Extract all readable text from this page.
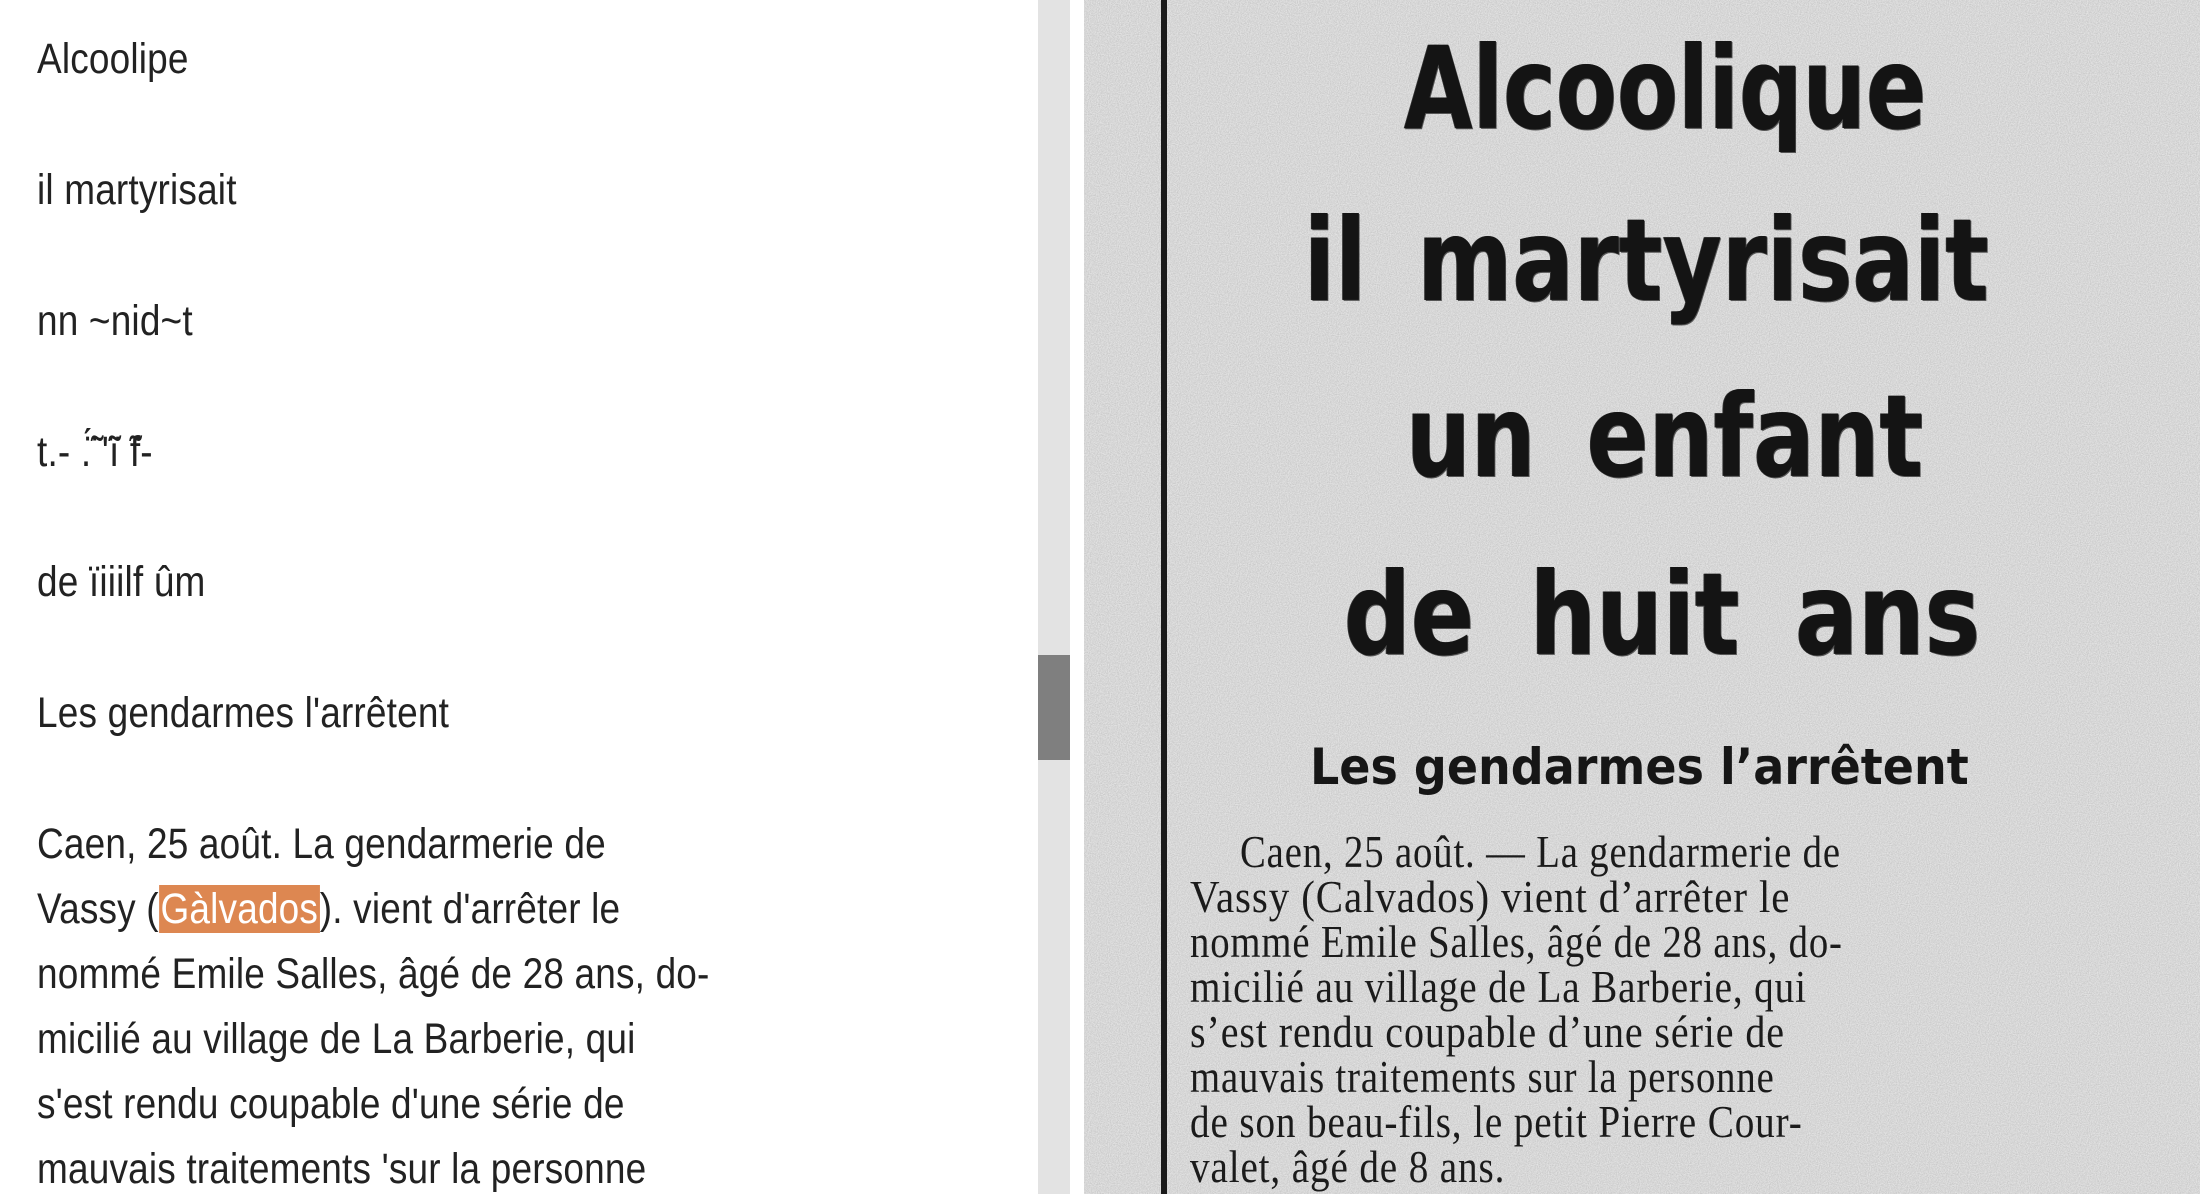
Alcoolipe

il martyrisait

nn ~nid~t

t.- .̃̈́ '̃ï ̃f-

de ïiiilf ûm

Les gendarmes l'arrêtent

Caen, 25 août. La gendarmerie de

Vassy (Gàlvados). vient d'arrêter le

nommé Emile Salles, âgé de 28 ans, do-

micilié au village de La Barberie, qui

s'est rendu coupable d'une série de

mauvais traitements 'sur la personne

Alcoolique

il martyrisait

un enfant

de huit ans

Les gendarmes l’arrêtent

Caen, 25 août. — La gendarmerie de

Vassy (Calvados) vient d’arrêter le

nommé Emile Salles, âgé de 28 ans, do-

micilié au village de La Barberie, qui

s’est rendu coupable d’une série de

mauvais traitements sur la personne

de son beau-fils, le petit Pierre Cour-

valet, âgé de 8 ans.
